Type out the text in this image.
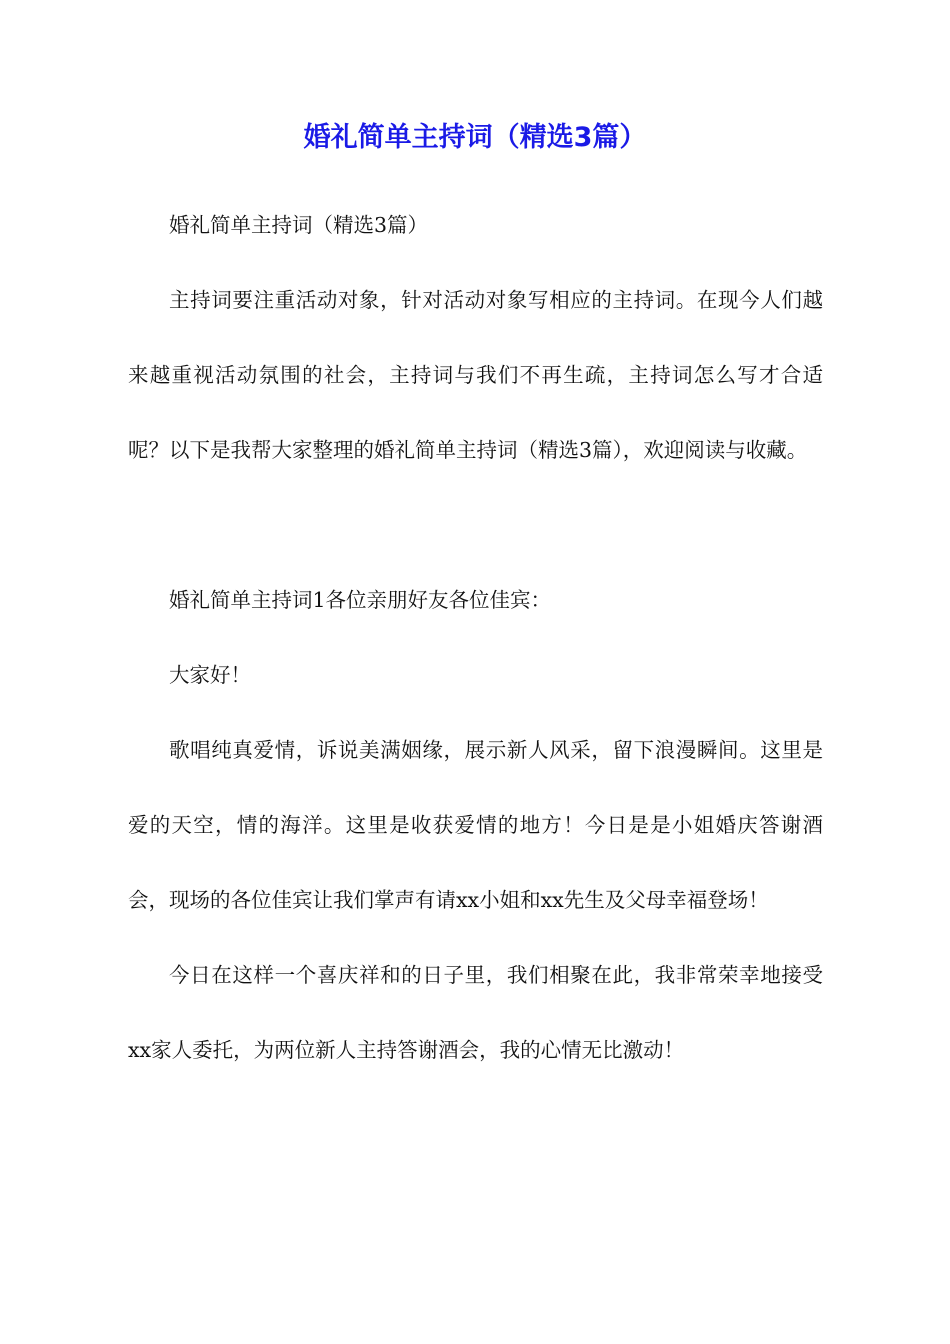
婚礼简单主持词（精选3篇）

婚礼简单主持词（精选3篇）

主持词要注重活动对象，针对活动对象写相应的主持词。在现今人们越来越重视活动氛围的社会，主持词与我们不再生疏，主持词怎么写才合适呢？以下是我帮大家整理的婚礼简单主持词（精选3篇），欢迎阅读与收藏。

婚礼简单主持词1各位亲朋好友各位佳宾：

大家好！

歌唱纯真爱情，诉说美满姻缘，展示新人风采，留下浪漫瞬间。这里是爱的天空，情的海洋。这里是收获爱情的地方！今日是是小姐婚庆答谢酒会，现场的各位佳宾让我们掌声有请xx小姐和xx先生及父母幸福登场！

今日在这样一个喜庆祥和的日子里，我们相聚在此，我非常荣幸地接受xx家人委托，为两位新人主持答谢酒会，我的心情无比激动！
